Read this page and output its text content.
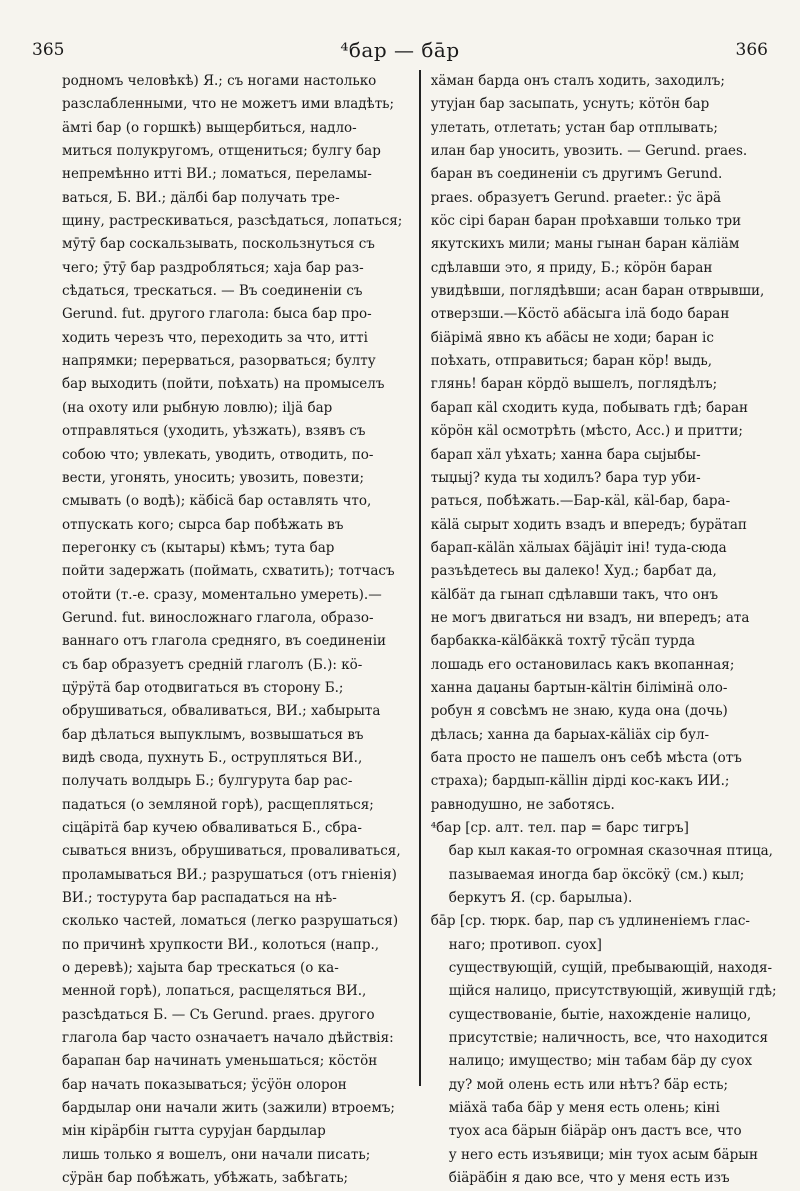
365	⁴бар — бāр	366
родномъ человѣкѣ) Я.; съ ногами настолько
разслабленными, что не можетъ ими владѣть;
äмтi бар (о горшкѣ) выщербиться, надло-
миться полукругомъ, отщениться; булгу бар
непремѣнно иттi ВИ.; ломаться, переламы-
ваться, Б. ВИ.; дäлбi бар получать тре-
щину, растрескиваться, разсѣдаться, лопаться;
мӯтӯ бар соскальзывать, поскользнуться съ
чего; ӯтӯ бар раздробляться; хаjа бар раз-
сѣдаться, трескаться. — Въ соединенiи съ
Gerund. fut. другого глагола: быса бар про-
ходить черезъ что, переходить за что, иттi
напрямки; перерваться, разорваться; булту
бар выходить (пойти, поѣхать) на промыселъ
(на охоту или рыбную ловлю); iljä бар
отправляться (уходить, уѣзжать), взявъ съ
собою что; увлекать, уводить, отводить, по-
вести, угонять, уносить; увозить, повезти;
смывать (о водѣ); кäбiсä бар оставлять что,
отпускать кого; сырса бар побѣжать въ
перегонку съ (кытары) кѣмъ; тута бар
пойти задержать (поймать, схватить); тотчасъ
отойти (т.-е. сразу, моментально умереть).—
Gerund. fut. виносложнаго глагола, образо-
ваннаго отъ глагола средняго, въ соединенiи
съ бар образуетъ средній глаголъ (Б.): кӧ-
цӱрӱтä бар отодвигаться въ сторону Б.;
обрушиваться, обваливаться, ВИ.; хабырыта
бар дѣлаться выпуклымъ, возвышаться въ
видѣ свода, пухнуть Б., острупляться ВИ.,
получать волдырь Б.; булгурута бар рас-
падаться (о земляной горѣ), расщепляться;
сiцäрiтä бар кучею обваливаться Б., сбра-
сываться внизъ, обрушиваться, проваливаться,
проламываться ВИ.; разрушаться (отъ гніенія)
ВИ.; тостурута бар распадаться на нѣ-
сколько частей, ломаться (легко разрушаться)
по причинѣ хрупкости ВИ., колоться (напр.,
о деревѣ); хаjыта бар трескаться (о ка-
менной горѣ), лопаться, расщеляться ВИ.,
разсѣдаться Б. — Съ Gerund. praes. другого
глагола бар часто означаетъ начало дѣйствія:
барапан бар начинать уменьшаться; кӧстӧн
бар начать показываться; ӱсӱöн олорон
бардылар они начали жить (зажили) втроемъ;
мiн кiрäрбiн гытта сурујан бардылар
лишь только я вошелъ, они начали писать;
сӱрäн бар побѣжать, убѣжать, забѣгать;
хäман барда онъ сталъ ходить, заходилъ;
утујан бар засыпать, уснуть; кӧтӧн бар
улетать, отлетать; устан бар отплывать;
илан бар уносить, увозить. — Gerund. praes.
баран въ соединенiи съ другимъ Gerund.
praes. образуетъ Gerund. praeter.: ӱс äрä
кӧс сiрi баран баран проѣхавши только три
якутскихъ мили; маны гынан баран кäлiäм
сдѣлавши это, я приду, Б.; кӧрӧн баран
увидѣвши, поглядѣвши; асан баран отврывши,
отверзши.—Кӧстӧ абäсыга iлä бодо баран
бiäрiмä явно къ абäсы не ходи; баран iс
поѣхать, отправиться; баран кӧр! выдь,
глянь! баран кӧрдӧ вышелъ, поглядѣлъ;
барап кäl сходить куда, побывать гдѣ; баран
кӧрӧн кäl осмотрѣть (мѣсто, Acc.) и притти;
барап хäл уѣхать; ханна бара сыјыбы-
тыџыј? куда ты ходилъ? бара тур уби-
раться, побѣжать.—Бар-кäl, кäl-бар, бара-
кälä сырыт ходить взадъ и впередъ; бyрäтап
барап-кälän хäлыах бäјäџiт iнi! туда-сюда
разъѣдетесь вы далеко! Худ.; барбат да,
кälбäт да гынап сдѣлавши такъ, что онъ
не могъ двигаться ни взадъ, ни впередъ; ата
барбакка-кälбäккä тохтӯ тӯсäп турда
лошадь его остановилась какъ вкопанная;
ханна даџаны бартын-кälтiн бiлiмiнä оло-
робун я совсѣмъ не знаю, куда она (дочь)
дѣлась; ханна да барыах-кäliäх сiр бул-
бата просто не пашелъ онъ себѣ мѣста (отъ
страха); бардып-кälliн дiрдi кос-какъ ИИ.;
равнодушно, не заботясь.
⁴бар [ср. алт. тел. пар = барс тигръ]
бар кыл какая-то огромная сказочная птица,
пазываемая иногда бар ӧксӧкӱ (см.) кыл;
беркутъ Я. (ср. барылыа).
бāр [ср. тюрк. бар, пар съ удлиненіемъ глас-
наго; противоп. суох]
существующій, сущій, пребывающій, находя-
щійся налицо, присутствующій, живущій гдѣ;
существованіе, бытіе, нахожденіе налицо,
присутствіе; наличность, все, что находится
налицо; имущество; мiн табам бäр ду суох
ду? мой олень есть или нѣтъ? бäр есть;
мiäхä таба бäр у меня есть олень; кiнi
туох аса бäрын бiäрäр онъ дастъ все, что
у него есть изъявици; мiн туох асым бäрын
бiäрäбiн я даю все, что у меня есть изъ
